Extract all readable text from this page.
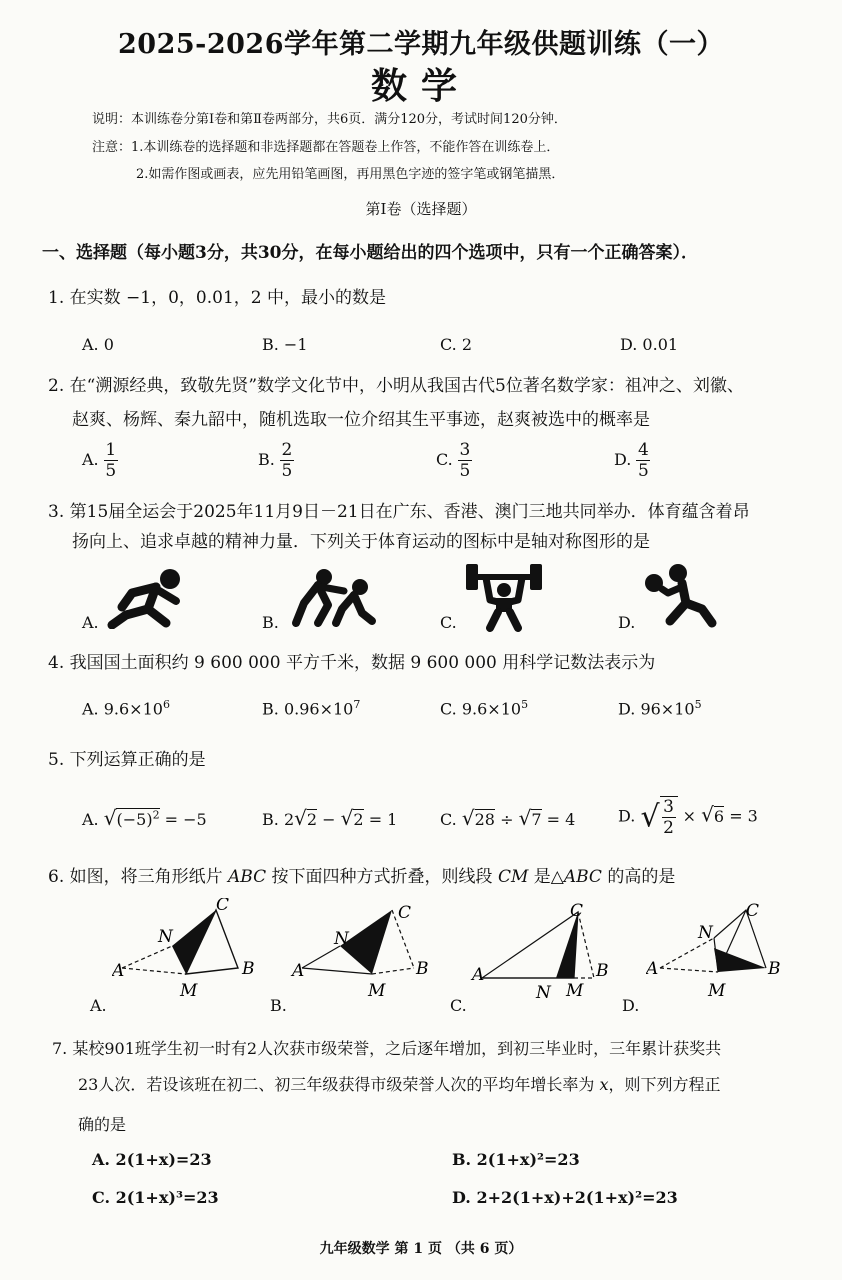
2025-2026学年第二学期九年级供题训练（一）
数学
说明：本训练卷分第Ⅰ卷和第Ⅱ卷两部分，共6页．满分120分，考试时间120分钟．
注意：1.本训练卷的选择题和非选择题都在答题卷上作答，不能作答在训练卷上．
2.如需作图或画表，应先用铅笔画图，再用黑色字迹的签字笔或钢笔描黑．
第Ⅰ卷（选择题）
一、选择题（每小题3分，共30分，在每小题给出的四个选项中，只有一个正确答案）．
1. 在实数 −1，0，0.01，2 中，最小的数是
A. 0	B. −1	C. 2	D. 0.01
2. 在“溯源经典，致敬先贤”数学文化节中，小明从我国古代5位著名数学家：祖冲之、刘徽、
赵爽、杨辉、秦九韶中，随机选取一位介绍其生平事迹，赵爽被选中的概率是
A. $\frac{1}{5}$	B. $\frac{2}{5}$	C. $\frac{3}{5}$	D. $\frac{4}{5}$
3. 第15届全运会于2025年11月9日－21日在广东、香港、澳门三地共同举办．体育蕴含着昂
扬向上、追求卓越的精神力量．下列关于体育运动的图标中是轴对称图形的是
A.	B.	C.	D.
4. 我国国土面积约 9 600 000 平方千米，数据 9 600 000 用科学记数法表示为
A. $9.6\times 10^6$	B. $0.96\times 10^7$	C. $9.6\times 10^5$	D. $96\times 10^5$
5. 下列运算正确的是
A. $√(-5)^2 = -5$	B. 2√2 − √2 = 1	C. √28 ÷ √7 = 4	D. √ $\frac{3}{2} \times √6 = 3$
6. 如图，将三角形纸片 ABC 按下面四种方式折叠，则线段 CM 是△ABC 的高的是
A	B
C
N
M
A	B
C
N
M
A	B
C
N M
A	B
C
N
M
A.	B.	C.	D.
7. 某校901班学生初一时有2人次获市级荣誉，之后逐年增加，到初三毕业时，三年累计获奖共
23人次．若设该班在初二、初三年级获得市级荣誉人次的平均年增长率为 x，则下列方程正
确的是
A. 2(1+x)=23	B. 2(1+x)²=23
C. 2(1+x)³=23	D. 2+2(1+x)+2(1+x)²=23
九年级数学 第 1 页 （共 6 页）
